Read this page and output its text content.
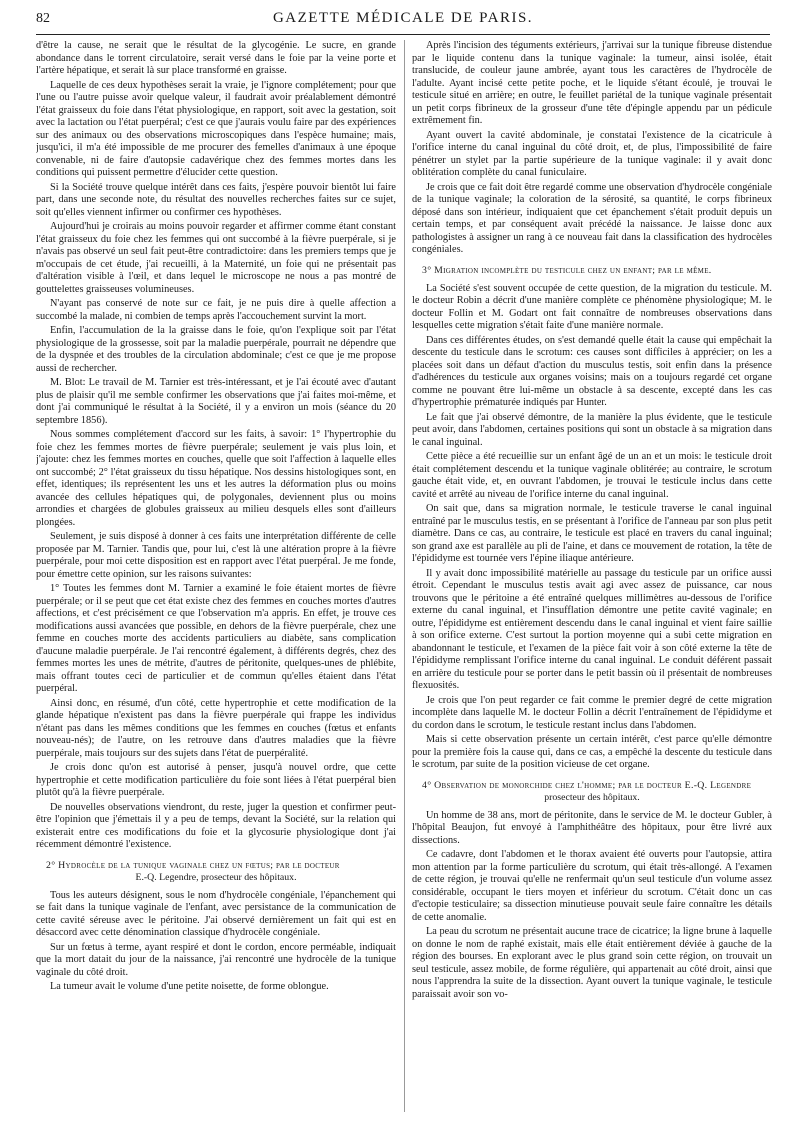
82	GAZETTE MÉDICALE DE PARIS.

d'être la cause, ne serait que le résultat de la glycogénie. Le sucre, en grande abondance dans le torrent circulatoire, serait versé dans le foie par la veine porte et l'artère hépatique, et serait là sur place transformé en graisse.

Laquelle de ces deux hypothèses serait la vraie, je l'ignore complétement; pour que l'une ou l'autre puisse avoir quelque valeur, il faudrait avoir préalablement démontré l'état graisseux du foie dans l'état physiologique, en rapport, soit avec la gestation, soit avec la lactation ou l'état puerpéral; c'est ce que j'aurais voulu faire par des expériences sur des animaux ou des observations microscopiques dans l'espèce humaine; mais, jusqu'ici, il m'a été impossible de me procurer des femelles d'animaux à une époque convenable, ni de faire d'autopsie cadavérique chez des femmes mortes dans les conditions qui puissent permettre d'élucider cette question.

Si la Société trouve quelque intérêt dans ces faits, j'espère pouvoir bientôt lui faire part, dans une seconde note, du résultat des nouvelles recherches faites sur ce sujet, soit qu'elles viennent infirmer ou confirmer ces hypothèses.

Aujourd'hui je croirais au moins pouvoir regarder et affirmer comme étant constant l'état graisseux du foie chez les femmes qui ont succombé à la fièvre puerpérale, si je n'avais pas observé un seul fait peut-être contradictoire: dans les premiers temps que je m'occupais de cet étude, j'ai recueilli, à la Maternité, un foie qui ne présentait pas d'altération visible à l'œil, et dans lequel le microscope ne nous a pas montré de gouttelettes graisseuses volumineuses.

N'ayant pas conservé de note sur ce fait, je ne puis dire à quelle affection a succombé la malade, ni combien de temps après l'accouchement survint la mort.

Enfin, l'accumulation de la la graisse dans le foie, qu'on l'explique soit par l'état physiologique de la grossesse, soit par la maladie puerpérale, pourrait ne dépendre que de la dyspnée et des troubles de la circulation abdominale; c'est ce que je me propose aussi de rechercher.

M. Blot: Le travail de M. Tarnier est très-intéressant, et je l'ai écouté avec d'autant plus de plaisir qu'il me semble confirmer les observations que j'ai faites moi-même, et dont j'ai communiqué le résultat à la Société, il y a environ un mois (séance du 20 septembre 1856).

Nous sommes complétement d'accord sur les faits, à savoir: 1° l'hypertrophie du foie chez les femmes mortes de fièvre puerpérale; seulement je vais plus loin, et j'ajoute: chez les femmes mortes en couches, quelle que soit l'affection à laquelle elles ont succombé; 2° l'état graisseux du tissu hépatique. Nos dessins histologiques sont, en effet, identiques; ils représentent les uns et les autres la déformation plus ou moins avancée des cellules hépatiques qui, de polygonales, deviennent plus ou moins arrondies et chargées de globules graisseux au milieu desquels elles sont d'ailleurs plongées.

Seulement, je suis disposé à donner à ces faits une interprétation différente de celle proposée par M. Tarnier. Tandis que, pour lui, c'est là une altération propre à la fièvre puerpérale, pour moi cette disposition est en rapport avec l'état puerpéral. Je me fonde, pour émettre cette opinion, sur les raisons suivantes:

1° Toutes les femmes dont M. Tarnier a examiné le foie étaient mortes de fièvre puerpérale; or il se peut que cet état existe chez des femmes en couches mortes d'autres affections, et c'est précisément ce que l'observation m'a appris. En effet, je trouve ces modifications aussi avancées que possible, en dehors de la fièvre puerpérale, chez une femme en couches morte des accidents particuliers au diabète, sans complication d'aucune maladie puerpérale. Je l'ai rencontré également, à différents degrés, chez des femmes mortes les unes de métrite, d'autres de péritonite, quelques-unes de phlébite, mais offrant toutes ceci de particulier et de commun qu'elles étaient dans l'état puerpéral.

Ainsi donc, en résumé, d'un côté, cette hypertrophie et cette modification de la glande hépatique n'existent pas dans la fièvre puerpérale qui frappe les individus n'étant pas dans les mêmes conditions que les femmes en couches (fœtus et enfants nouveau-nés); de l'autre, on les retrouve dans d'autres maladies que la fièvre puerpérale, mais toujours sur des sujets dans l'état de puerpéralité.

Je crois donc qu'on est autorisé à penser, jusqu'à nouvel ordre, que cette hypertrophie et cette modification particulière du foie sont liées à l'état puerpéral bien plutôt qu'à la fièvre puerpérale.

De nouvelles observations viendront, du reste, juger la question et confirmer peut-être l'opinion que j'émettais il y a peu de temps, devant la Société, sur la relation qui existerait entre ces modifications du foie et la glycosurie physiologique dont j'ai récemment démontré l'existence.

2° Hydrocèle de la tunique vaginale chez un fœtus; par le docteur
E.-Q. Legendre, prosecteur des hôpitaux.

Tous les auteurs désignent, sous le nom d'hydrocèle congéniale, l'épanchement qui se fait dans la tunique vaginale de l'enfant, avec persistance de la communication de cette cavité séreuse avec le péritoine. J'ai observé dernièrement un fait qui est en désaccord avec cette dénomination classique d'hydrocèle congéniale.

Sur un fœtus à terme, ayant respiré et dont le cordon, encore perméable, indiquait que la mort datait du jour de la naissance, j'ai rencontré une hydrocèle de la tunique vaginale du côté droit.

La tumeur avait le volume d'une petite noisette, de forme oblongue.

Après l'incision des téguments extérieurs, j'arrivai sur la tunique fibreuse distendue par le liquide contenu dans la tunique vaginale: la tumeur, ainsi isolée, était translucide, de couleur jaune ambrée, ayant tous les caractères de l'hydrocèle de l'adulte. Ayant incisé cette petite poche, et le liquide s'étant écoulé, je trouvai le testicule situé en arrière; en outre, le feuillet pariétal de la tunique vaginale présentait un petit corps fibrineux de la grosseur d'une tête d'épingle appendu par un pédicule extrêmement fin.

Ayant ouvert la cavité abdominale, je constatai l'existence de la cicatricule à l'orifice interne du canal inguinal du côté droit, et, de plus, l'impossibilité de faire pénétrer un stylet par la partie supérieure de la tunique vaginale: il y avait donc oblitération complète du canal funiculaire.

Je crois que ce fait doit être regardé comme une observation d'hydrocèle congéniale de la tunique vaginale; la coloration de la sérosité, sa quantité, le corps fibrineux déposé dans son intérieur, indiquaient que cet épanchement s'était produit depuis un certain temps, et par conséquent avait précédé la naissance. Je laisse donc aux pathologistes à assigner un rang à ce nouveau fait dans la classification des hydrocèles congéniales.

3° Migration incomplète du testicule chez un enfant; par le même.

La Société s'est souvent occupée de cette question, de la migration du testicule. M. le docteur Robin a décrit d'une manière complète ce phénomène physiologique; M. le docteur Follin et M. Godart ont fait connaître de nombreuses observations dans lesquelles cette migration s'était faite d'une manière normale.

Dans ces différentes études, on s'est demandé quelle était la cause qui empêchait la descente du testicule dans le scrotum: ces causes sont difficiles à apprécier; on les a placées soit dans un défaut d'action du musculus testis, soit enfin dans la présence d'adhérences du testicule aux organes voisins; mais on a toujours regardé cet organe comme ne pouvant être lui-même un obstacle à sa descente, excepté dans les cas d'hypertrophie prématurée indiqués par Hunter.

Le fait que j'ai observé démontre, de la manière la plus évidente, que le testicule peut avoir, dans l'abdomen, certaines positions qui sont un obstacle à sa migration dans le canal inguinal.

Cette pièce a été recueillie sur un enfant âgé de un an et un mois: le testicule droit était complétement descendu et la tunique vaginale oblitérée; au contraire, le scrotum gauche était vide, et, en ouvrant l'abdomen, je trouvai le testicule inclus dans cette cavité et arrêté au niveau de l'orifice interne du canal inguinal.

On sait que, dans sa migration normale, le testicule traverse le canal inguinal entraîné par le musculus testis, en se présentant à l'orifice de l'anneau par son plus petit diamètre. Dans ce cas, au contraire, le testicule est placé en travers du canal inguinal; son grand axe est parallèle au pli de l'aine, et dans ce mouvement de rotation, la tête de l'épididyme est tournée vers l'épine iliaque antérieure.

Il y avait donc impossibilité matérielle au passage du testicule par un orifice aussi étroit. Cependant le musculus testis avait agi avec assez de puissance, car nous trouvons que le péritoine a été entraîné quelques millimètres au-dessous de l'orifice externe du canal inguinal, et l'insufflation démontre une petite cavité vaginale; en outre, l'épididyme est entièrement descendu dans le canal inguinal et vient faire saillie à son orifice externe. C'est surtout la portion moyenne qui a subi cette migration en abandonnant le testicule, et l'examen de la pièce fait voir à son côté externe la tête de l'épididyme remplissant l'orifice interne du canal inguinal. Le conduit déférent passait en arrière du testicule pour se porter dans le petit bassin où il présentait de nombreuses flexuosités.

Je crois que l'on peut regarder ce fait comme le premier degré de cette migration incomplète dans laquelle M. le docteur Follin a décrit l'entraînement de l'épididyme et du cordon dans le scrotum, le testicule restant inclus dans l'abdomen.

Mais si cette observation présente un certain intérêt, c'est parce qu'elle démontre pour la première fois la cause qui, dans ce cas, a empêché la descente du testicule dans le scrotum, par suite de la position vicieuse de cet organe.

4° Observation de monorchide chez l'homme; par le docteur E.-Q. Legendre
prosecteur des hôpitaux.

Un homme de 38 ans, mort de péritonite, dans le service de M. le docteur Gubler, à l'hôpital Beaujon, fut envoyé à l'amphithéâtre des hôpitaux, pour être livré aux dissections.

Ce cadavre, dont l'abdomen et le thorax avaient été ouverts pour l'autopsie, attira mon attention par la forme particulière du scrotum, qui était très-allongé. A l'examen de cette région, je trouvai qu'elle ne renfermait qu'un seul testicule d'un volume assez considérable, occupant le tiers moyen et inférieur du scrotum. C'était donc un cas d'ectopie testiculaire; sa dissection minutieuse pouvait seule faire connaître les détails de cette anomalie.

La peau du scrotum ne présentait aucune trace de cicatrice; la ligne brune à laquelle on donne le nom de raphé existait, mais elle était entièrement déviée à gauche de la région des bourses. En explorant avec le plus grand soin cette région, on trouvait un seul testicule, assez mobile, de forme régulière, qui appartenait au côté droit, ainsi que nous l'apprendra la suite de la dissection. Ayant ouvert la tunique vaginale, le testicule paraissait avoir son vo-
